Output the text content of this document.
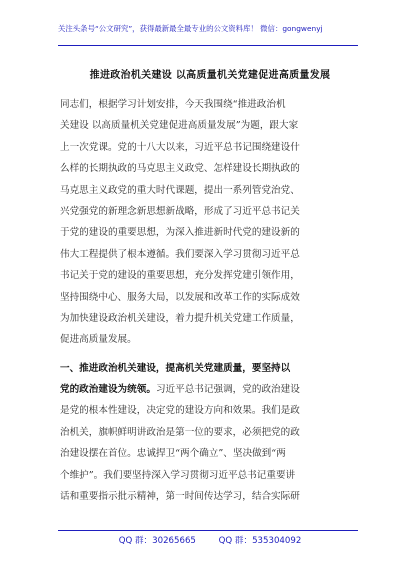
关注头条号“公文研究”，获得最新最全最专业的公文资料库！ 微信：gongwenyj
推进政治机关建设 以高质量机关党建促进高质量发展
同志们，根据学习计划安排，今天我围绕“推进政治机
关建设 以高质量机关党建促进高质量发展”为题，跟大家
上一次党课。党的十八大以来，习近平总书记围绕建设什
么样的长期执政的马克思主义政党、怎样建设长期执政的
马克思主义政党的重大时代课题，提出一系列管党治党、
兴党强党的新理念新思想新战略，形成了习近平总书记关
于党的建设的重要思想，为深入推进新时代党的建设新的
伟大工程提供了根本遵循。我们要深入学习贯彻习近平总
书记关于党的建设的重要思想，充分发挥党建引领作用，
坚持围绕中心、服务大局，以发展和改革工作的实际成效
为加快建设政治机关建设，着力提升机关党建工作质量，
促进高质量发展。
一、推进政治机关建设，提高机关党建质量，要坚持以
党的政治建设为统领。习近平总书记强调，党的政治建设
是党的根本性建设，决定党的建设方向和效果。我们是政
治机关，旗帜鲜明讲政治是第一位的要求，必须把党的政
治建设摆在首位。忠诚捍卫“两个确立”、坚决做到“两
个维护”。我们要坚持深入学习贯彻习近平总书记重要讲
话和重要指示批示精神，第一时间传达学习，结合实际研
QQ 群：30265665	QQ 群：535304092
